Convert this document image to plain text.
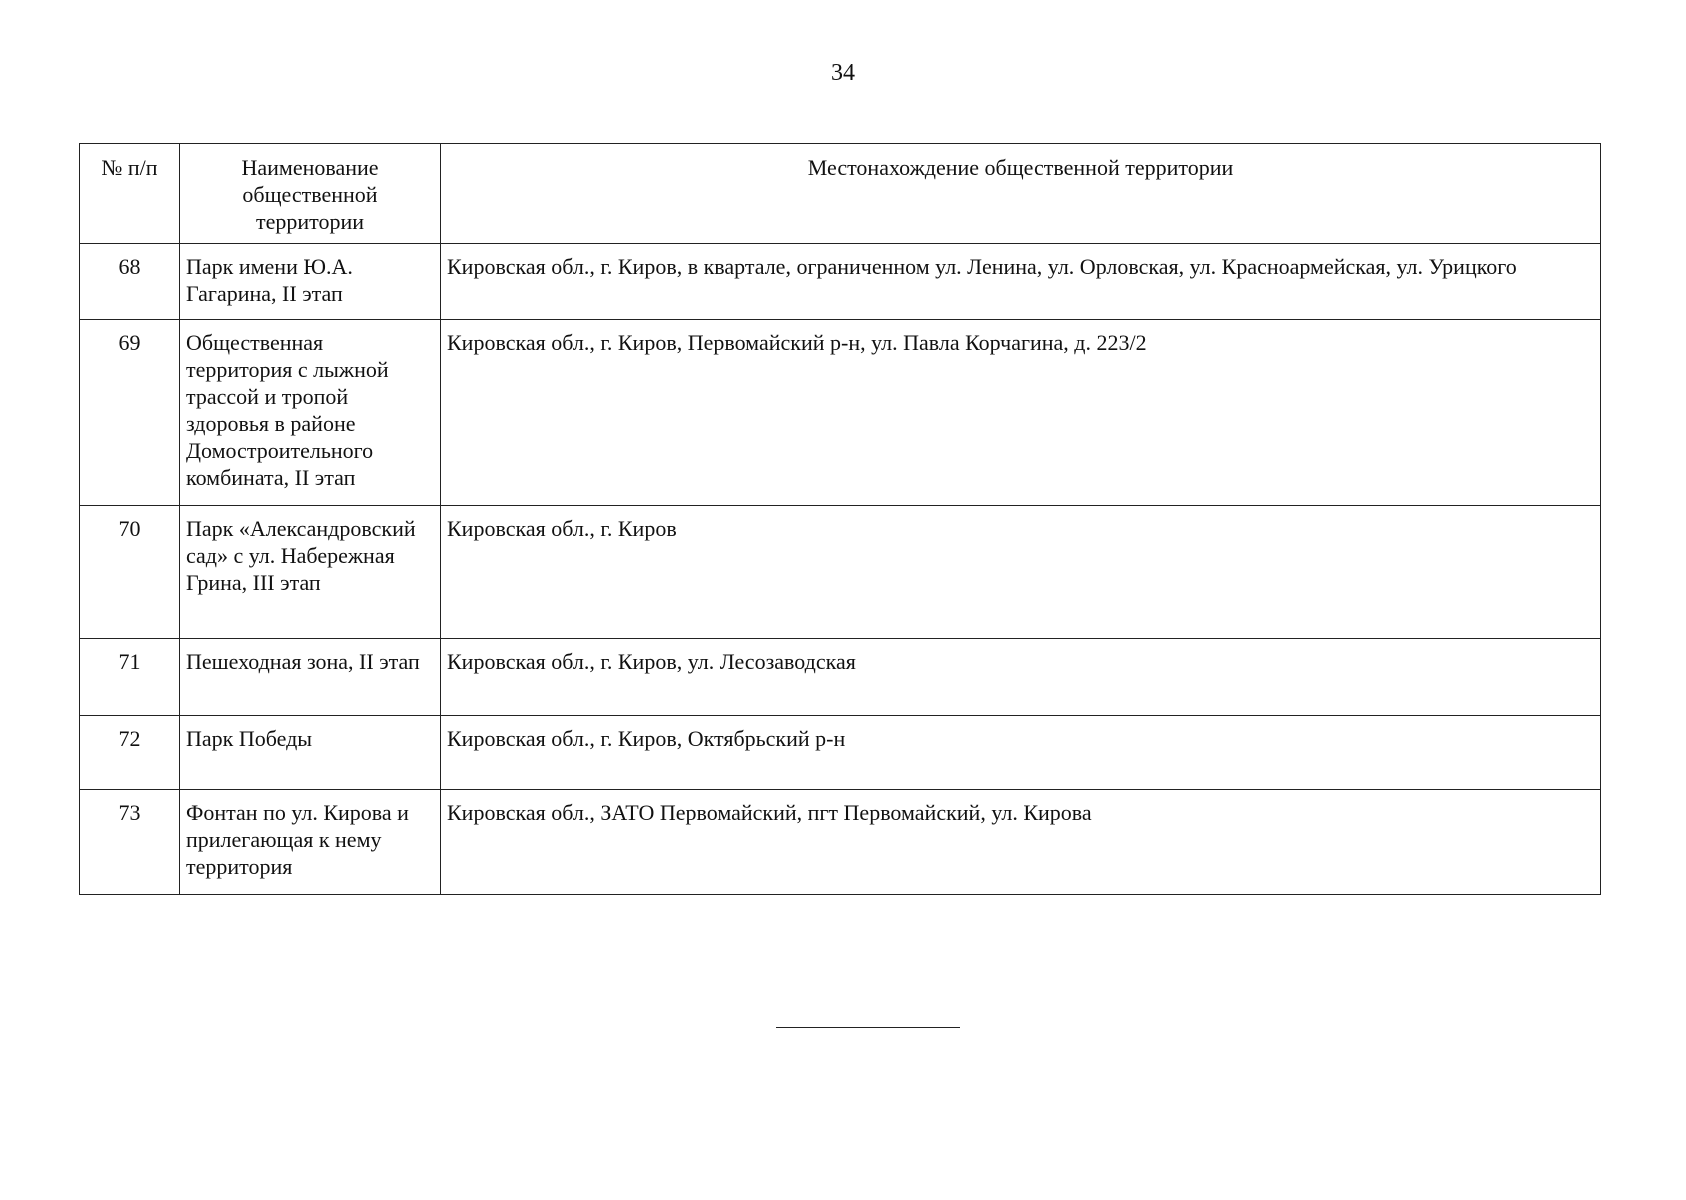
34
№ п/п	Наименование общественной территории	Местонахождение общественной территории
68	Парк имени Ю.А. Гагарина, II этап	Кировская обл., г. Киров, в квартале, ограниченном ул. Ленина, ул. Орловская, ул. Красноармейская, ул. Урицкого
69	Общественная территория с лыжной трассой и тропой здоровья в районе Домостроительного комбината, II этап	Кировская обл., г. Киров, Первомайский р-н, ул. Павла Корчагина, д. 223/2
70	Парк «Александровский сад» с ул. Набережная Грина, III этап	Кировская обл., г. Киров
71	Пешеходная зона, II этап	Кировская обл., г. Киров, ул. Лесозаводская
72	Парк Победы	Кировская обл., г. Киров, Октябрьский р-н
73	Фонтан по ул. Кирова и прилегающая к нему территория	Кировская обл., ЗАТО Первомайский, пгт Первомайский, ул. Кирова
